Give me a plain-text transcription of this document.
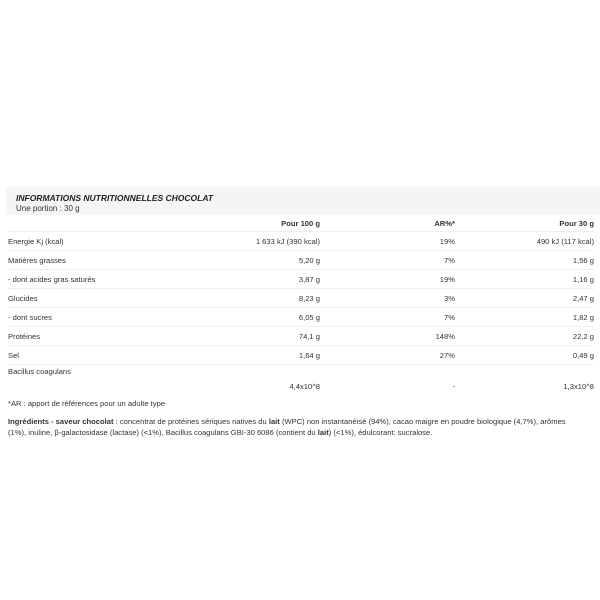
INFORMATIONS NUTRITIONNELLES CHOCOLAT
Une portion : 30 g
	Pour 100 g	AR%*	Pour 30 g
Energie Kj (kcal)	1 633 kJ (390 kcal)	19%	490 kJ (117 kcal)
Matières grasses	5,20 g	7%	1,56 g
- dont acides gras saturés	3,87 g	19%	1,16 g
Glucides	8,23 g	3%	2,47 g
- dont sucres	6,05 g	7%	1,82 g
Protéines	74,1 g	148%	22,2 g
Sel	1,64 g	27%	0,49 g
Bacillus coagulans	4,4x10^8	-	1,3x10^8
*AR : apport de références pour un adulte type
Ingrédients - saveur chocolat : concentrat de protéines sériques natives du lait (WPC) non instantanéisé (94%), cacao maigre en poudre biologique (4,7%), arômes (1%), inuline, β-galactosidase (lactase) (<1%), Bacillus coagulans GBI-30 6086 (contient du lait) (<1%), édulcorant: sucralose.
